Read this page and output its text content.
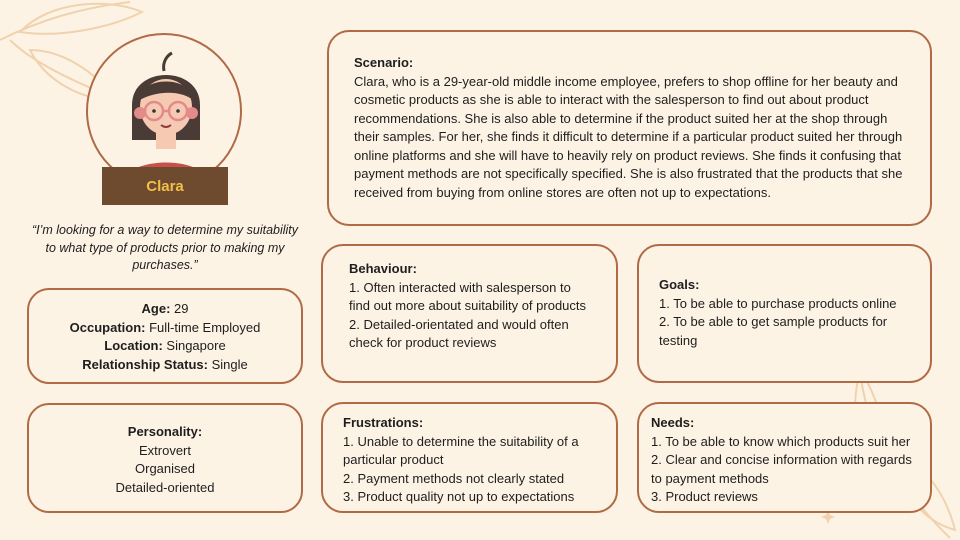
Clara
“I’m looking for a way to determine my suitability to what type of products prior to making my purchases.”
Age: 29
Occupation: Full-time Employed
Location: Singapore
Relationship Status: Single
Personality:
Extrovert
Organised
Detailed-oriented
Scenario:
Clara, who is a 29-year-old middle income employee, prefers to shop offline for her beauty and cosmetic products as she is able to interact with the salesperson to find out about product recommendations. She is also able to determine if the product suited her at the shop through their samples. For her, she finds it difficult to determine if a particular product suited her through online platforms and she will have to heavily rely on product reviews. She finds it confusing that payment methods are not specifically specified. She is also frustrated that the products that she received from buying from online stores are often not up to expectations.
Behaviour:
1. Often interacted with salesperson to find out more about suitability of products
2. Detailed-orientated and would often check for product reviews
Goals:
1. To be able to purchase products online
2. To be able to get sample products for testing
Frustrations:
1. Unable to determine the suitability of a particular product
2. Payment methods not clearly stated
3. Product quality not up to expectations
Needs:
1. To be able to know which products suit her
2. Clear and concise information with regards to payment methods
3. Product reviews
